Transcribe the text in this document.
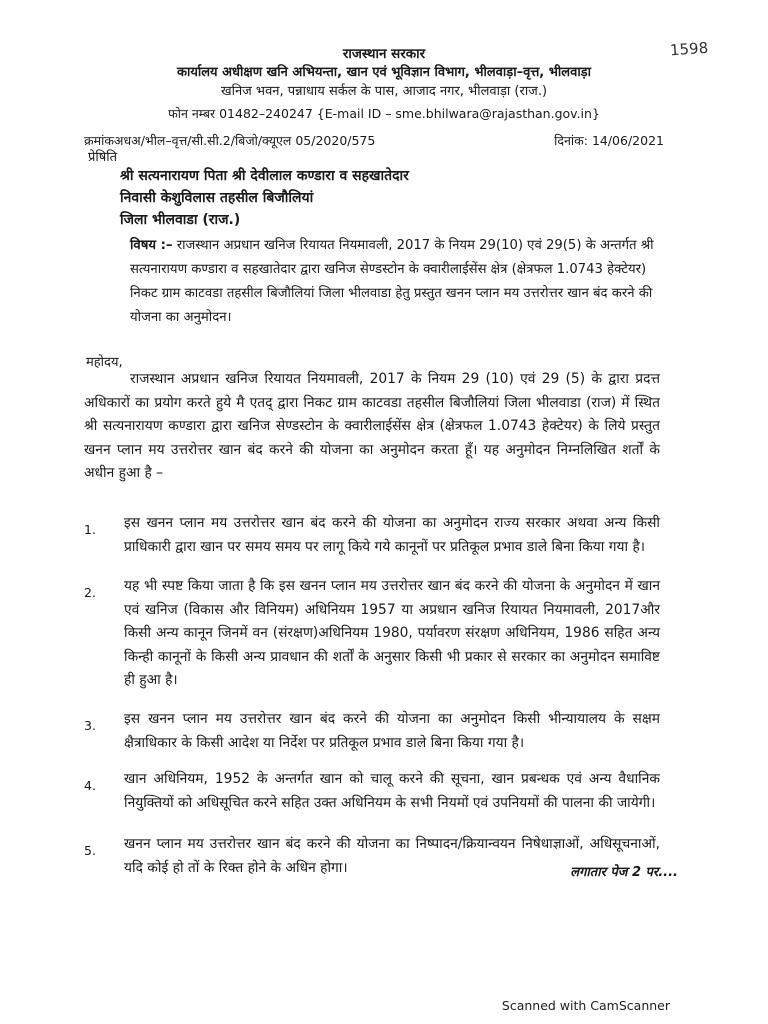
राजस्थान सरकार
कार्यालय अधीक्षण खनि अभियन्ता, खान एवं भूविज्ञान विभाग, भीलवाड़ा–वृत्त, भीलवाड़ा
खनिज भवन, पन्नाधाय सर्कल के पास, आजाद नगर, भीलवाड़ा (राज.)
फोन नम्बर 01482–240247 {E-mail ID – sme.bhilwara@rajasthan.gov.in}
1598
क्रमांकअधअ/भील–वृत्त/सी.सी.2/बिजो/क्यूएल 05/2020/575	दिनांक: 14/06/2021
प्रेषिति
श्री सत्यनारायण पिता श्री देवीलाल कण्डारा व सहखातेदार
निवासी केशुविलास तहसील बिजौलियां
जिला भीलवाडा (राज.)
विषय :– राजस्थान अप्रधान खनिज रियायत नियमावली, 2017 के नियम 29(10) एवं 29(5) के अन्तर्गत श्री सत्यनारायण कण्डारा व सहखातेदार द्वारा खनिज सेण्डस्टोन के क्वारीलाईसेंस क्षेत्र (क्षेत्रफल 1.0743 हेक्टेयर) निकट ग्राम काटवडा तहसील बिजौलियां जिला भीलवाडा हेतु प्रस्तुत खनन प्लान मय उत्तरोत्तर खान बंद करने की योजना का अनुमोदन।
महोदय,
राजस्थान अप्रधान खनिज रियायत नियमावली, 2017 के नियम 29 (10) एवं 29 (5) के द्वारा प्रदत्त अधिकारों का प्रयोग करते हुये मै एतद् द्वारा निकट ग्राम काटवडा तहसील बिजौलियां जिला भीलवाडा (राज) में स्थित श्री सत्यनारायण कण्डारा द्वारा खनिज सेण्डस्टोन के क्वारीलाईसेंस क्षेत्र (क्षेत्रफल 1.0743 हेक्टेयर) के लिये प्रस्तुत खनन प्लान मय उत्तरोत्तर खान बंद करने की योजना का अनुमोदन करता हूँ। यह अनुमोदन निम्नलिखित शर्तों के अधीन हुआ है –
1.	इस खनन प्लान मय उत्तरोत्तर खान बंद करने की योजना का अनुमोदन राज्य सरकार अथवा अन्य किसी प्राधिकारी द्वारा खान पर समय समय पर लागू किये गये कानूनों पर प्रतिकूल प्रभाव डाले बिना किया गया है।
2.	यह भी स्पष्ट किया जाता है कि इस खनन प्लान मय उत्तरोत्तर खान बंद करने की योजना के अनुमोदन में खान एवं खनिज (विकास और विनियम) अधिनियम 1957 या अप्रधान खनिज रियायत नियमावली, 2017और किसी अन्य कानून जिनमें वन (संरक्षण)अधिनियम 1980, पर्यावरण संरक्षण अधिनियम, 1986 सहित अन्य किन्ही कानूनों के किसी अन्य प्रावधान की शर्तों के अनुसार किसी भी प्रकार से सरकार का अनुमोदन समाविष्ट ही हुआ है।
3.	इस खनन प्लान मय उत्तरोत्तर खान बंद करने की योजना का अनुमोदन किसी भीन्यायालय के सक्षम क्षैत्राधिकार के किसी आदेश या निर्देश पर प्रतिकूल प्रभाव डाले बिना किया गया है।
4.	खान अधिनियम, 1952 के अन्तर्गत खान को चालू करने की सूचना, खान प्रबन्धक एवं अन्य वैधानिक नियुक्तियों को अधिसूचित करने सहित उक्त अधिनियम के सभी नियमों एवं उपनियमों की पालना की जायेगी।
5.	खनन प्लान मय उत्तरोत्तर खान बंद करने की योजना का निष्पादन/क्रियान्वयन निषेधाज्ञाओं, अधिसूचनाओं, यदि कोई हो तों के रिक्त होने के अधिन होगा।	लगातार पेज 2 पर....
Scanned with CamScanner
